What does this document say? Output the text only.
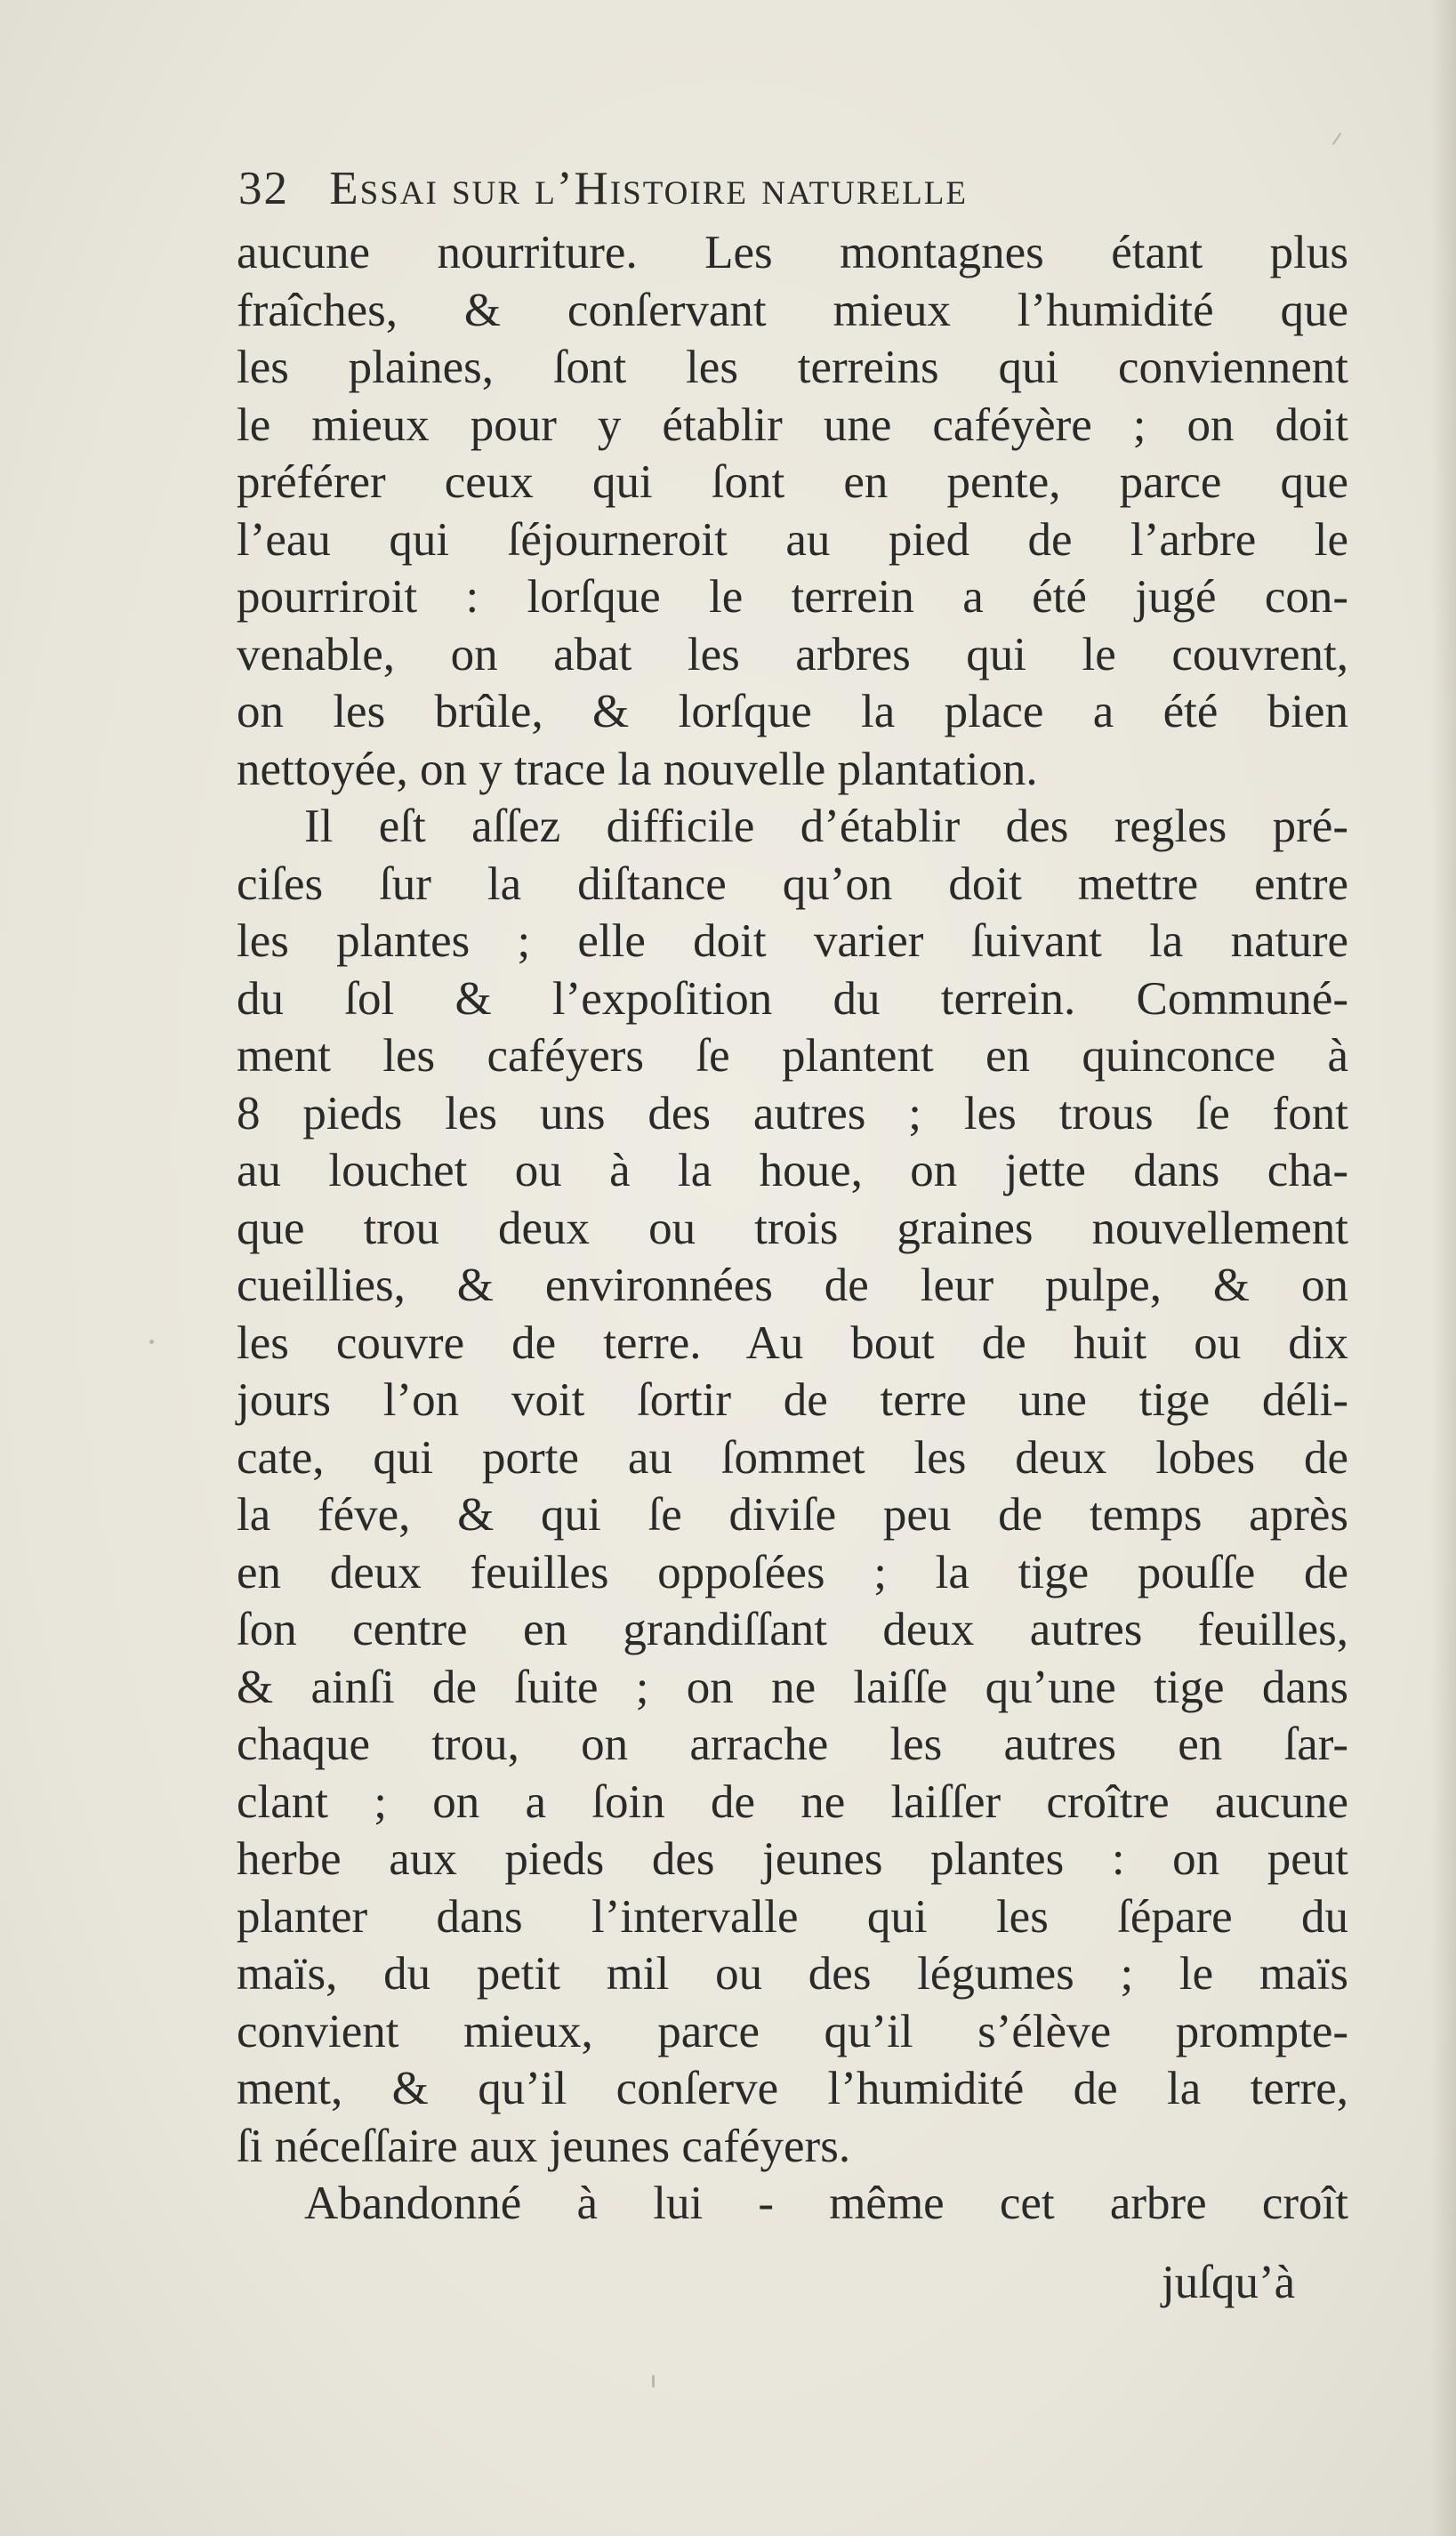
32 Essai sur l’Histoire naturelle
aucune nourriture. Les montagnes étant plus
fraîches, & conſervant mieux l’humidité que
les plaines, ſont les terreins qui conviennent
le mieux pour y établir une caféyère ; on doit
préférer ceux qui ſont en pente, parce que
l’eau qui ſéjourneroit au pied de l’arbre le
pourriroit : lorſque le terrein a été jugé con-
venable, on abat les arbres qui le couvrent,
on les brûle, & lorſque la place a été bien
nettoyée, on y trace la nouvelle plantation.
Il eſt aſſez difficile d’établir des regles pré-
ciſes ſur la diſtance qu’on doit mettre entre
les plantes ; elle doit varier ſuivant la nature
du ſol & l’expoſition du terrein. Communé-
ment les caféyers ſe plantent en quinconce à
8 pieds les uns des autres ; les trous ſe font
au louchet ou à la houe, on jette dans cha-
que trou deux ou trois graines nouvellement
cueillies, & environnées de leur pulpe, & on
les couvre de terre. Au bout de huit ou dix
jours l’on voit ſortir de terre une tige déli-
cate, qui porte au ſommet les deux lobes de
la féve, & qui ſe diviſe peu de temps après
en deux feuilles oppoſées ; la tige pouſſe de
ſon centre en grandiſſant deux autres feuilles,
& ainſi de ſuite ; on ne laiſſe qu’une tige dans
chaque trou, on arrache les autres en ſar-
clant ; on a ſoin de ne laiſſer croître aucune
herbe aux pieds des jeunes plantes : on peut
planter dans l’intervalle qui les ſépare du
maïs, du petit mil ou des légumes ; le maïs
convient mieux, parce qu’il s’élève prompte-
ment, & qu’il conſerve l’humidité de la terre,
ſi néceſſaire aux jeunes caféyers.
Abandonné à lui - même cet arbre croît
juſqu’à
